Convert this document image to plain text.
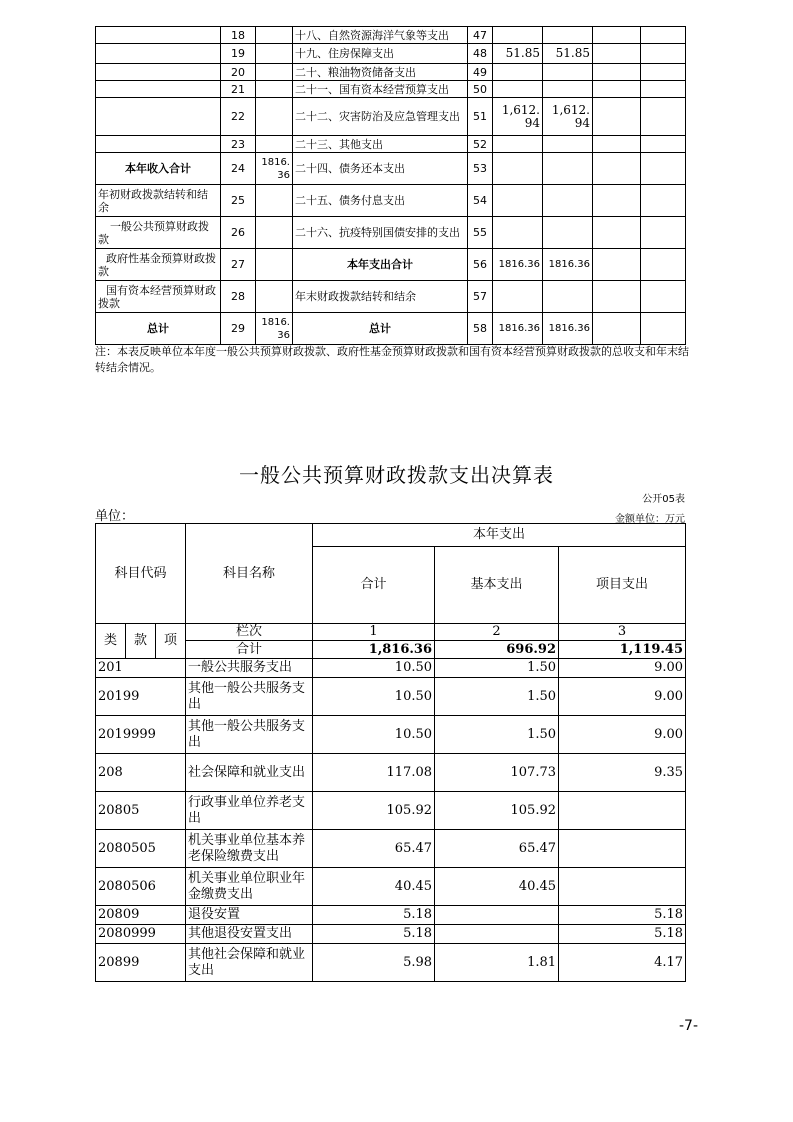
	18		十八、自然资源海洋气象等支出	47				
	19		十九、住房保障支出	48	51.85	51.85		
	20		二十、粮油物资储备支出	49				
	21		二十一、国有资本经营预算支出	50				
	22		二十二、灾害防治及应急管理支出	51	1,612.94	1,612.94		
	23		二十三、其他支出	52				
本年收入合计	24	1816.36	二十四、债务还本支出	53				
年初财政拨款结转和结余	25		二十五、债务付息支出	54				
一般公共预算财政拨款	26		二十六、抗疫特别国债安排的支出	55				
政府性基金预算财政拨款	27		本年支出合计	56	1816.36	1816.36		
国有资本经营预算财政拨款	28		年末财政拨款结转和结余	57				
总计	29	1816.36	总计	58	1816.36	1816.36		
注：本表反映单位本年度一般公共预算财政拨款、政府性基金预算财政拨款和国有资本经营预算财政拨款的总收支和年末结转结余情况。
一般公共预算财政拨款支出决算表
公开05表
单位：	金额单位：万元
科目代码			科目名称	本年支出		
				合计	基本支出	项目支出
类	款	项	栏次	1	2	3
			合计	1,816.36	696.92	1,119.45
201			一般公共服务支出	10.50	1.50	9.00
20199			其他一般公共服务支出	10.50	1.50	9.00
2019999			其他一般公共服务支出	10.50	1.50	9.00
208			社会保障和就业支出	117.08	107.73	9.35
20805			行政事业单位养老支出	105.92	105.92	
2080505			机关事业单位基本养老保险缴费支出	65.47	65.47	
2080506			机关事业单位职业年金缴费支出	40.45	40.45	
20809			退役安置	5.18		5.18
2080999			其他退役安置支出	5.18		5.18
20899			其他社会保障和就业支出	5.98	1.81	4.17
-7-
